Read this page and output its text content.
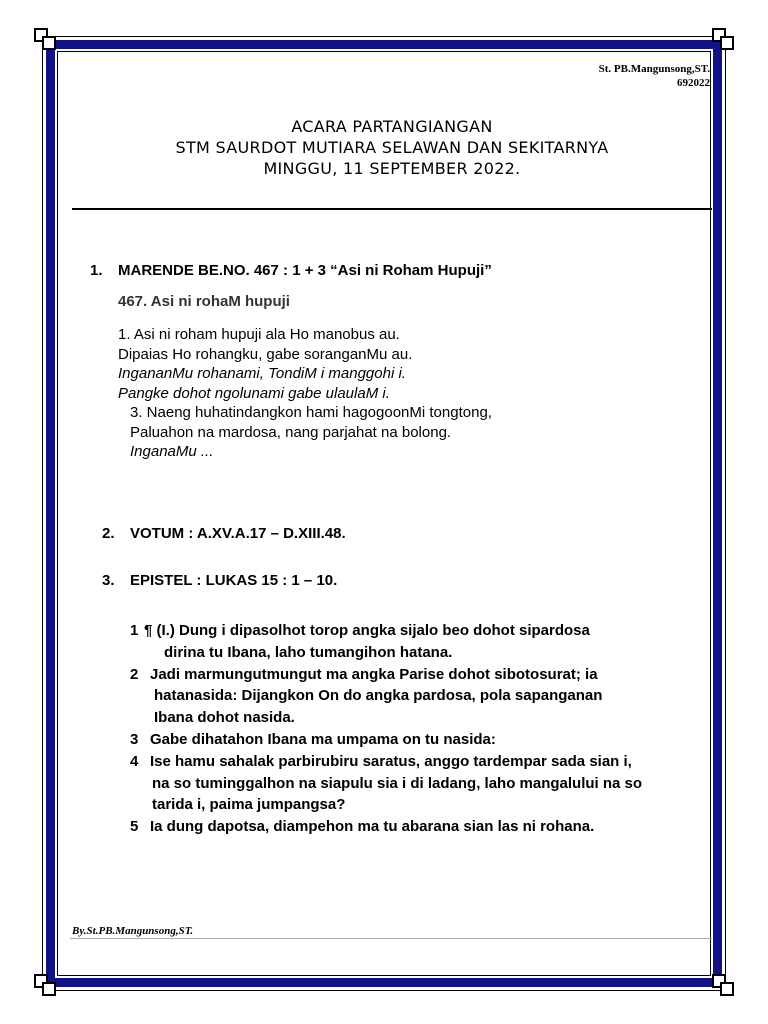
St. PB.Mangunsong,ST.
692022
ACARA PARTANGIANGAN
STM SAURDOT MUTIARA SELAWAN DAN SEKITARNYA
MINGGU, 11 SEPTEMBER 2022.
1. MARENDE BE.NO. 467 : 1 + 3 “Asi ni Roham Hupuji”
467. Asi ni rohaM hupuji
1. Asi ni roham hupuji ala Ho manobus au.
Dipaias Ho rohangku, gabe soranganMu au.
IngananMu rohanami, TondiM i manggohi i.
Pangke dohot ngolunami gabe ulaulaM i.
3. Naeng huhatindangkon hami hagogoonMi tongtong,
Paluahon na mardosa, nang parjahat na bolong.
InganaMu ...
2. VOTUM : A.XV.A.17 – D.XIII.48.
3. EPISTEL : LUKAS 15 : 1 – 10.
1 ¶ (I.) Dung i dipasolhot torop angka sijalo beo dohot sipardosa
dirina tu Ibana, laho tumangihon hatana.
2 Jadi marmungutmungut ma angka Parise dohot sibotosurat; ia
hatanasida: Dijangkon On do angka pardosa, pola sapanganan
Ibana dohot nasida.
3 Gabe dihatahon Ibana ma umpama on tu nasida:
4 Ise hamu sahalak parbirubiru saratus, anggo tardempar sada sian i,
na so tuminggalhon na siapulu sia i di ladang, laho mangalului na so
tarida i, paima jumpangsa?
5 Ia dung dapotsa, diampehon ma tu abarana sian las ni rohana.
By.St.PB.Mangunsong,ST.
